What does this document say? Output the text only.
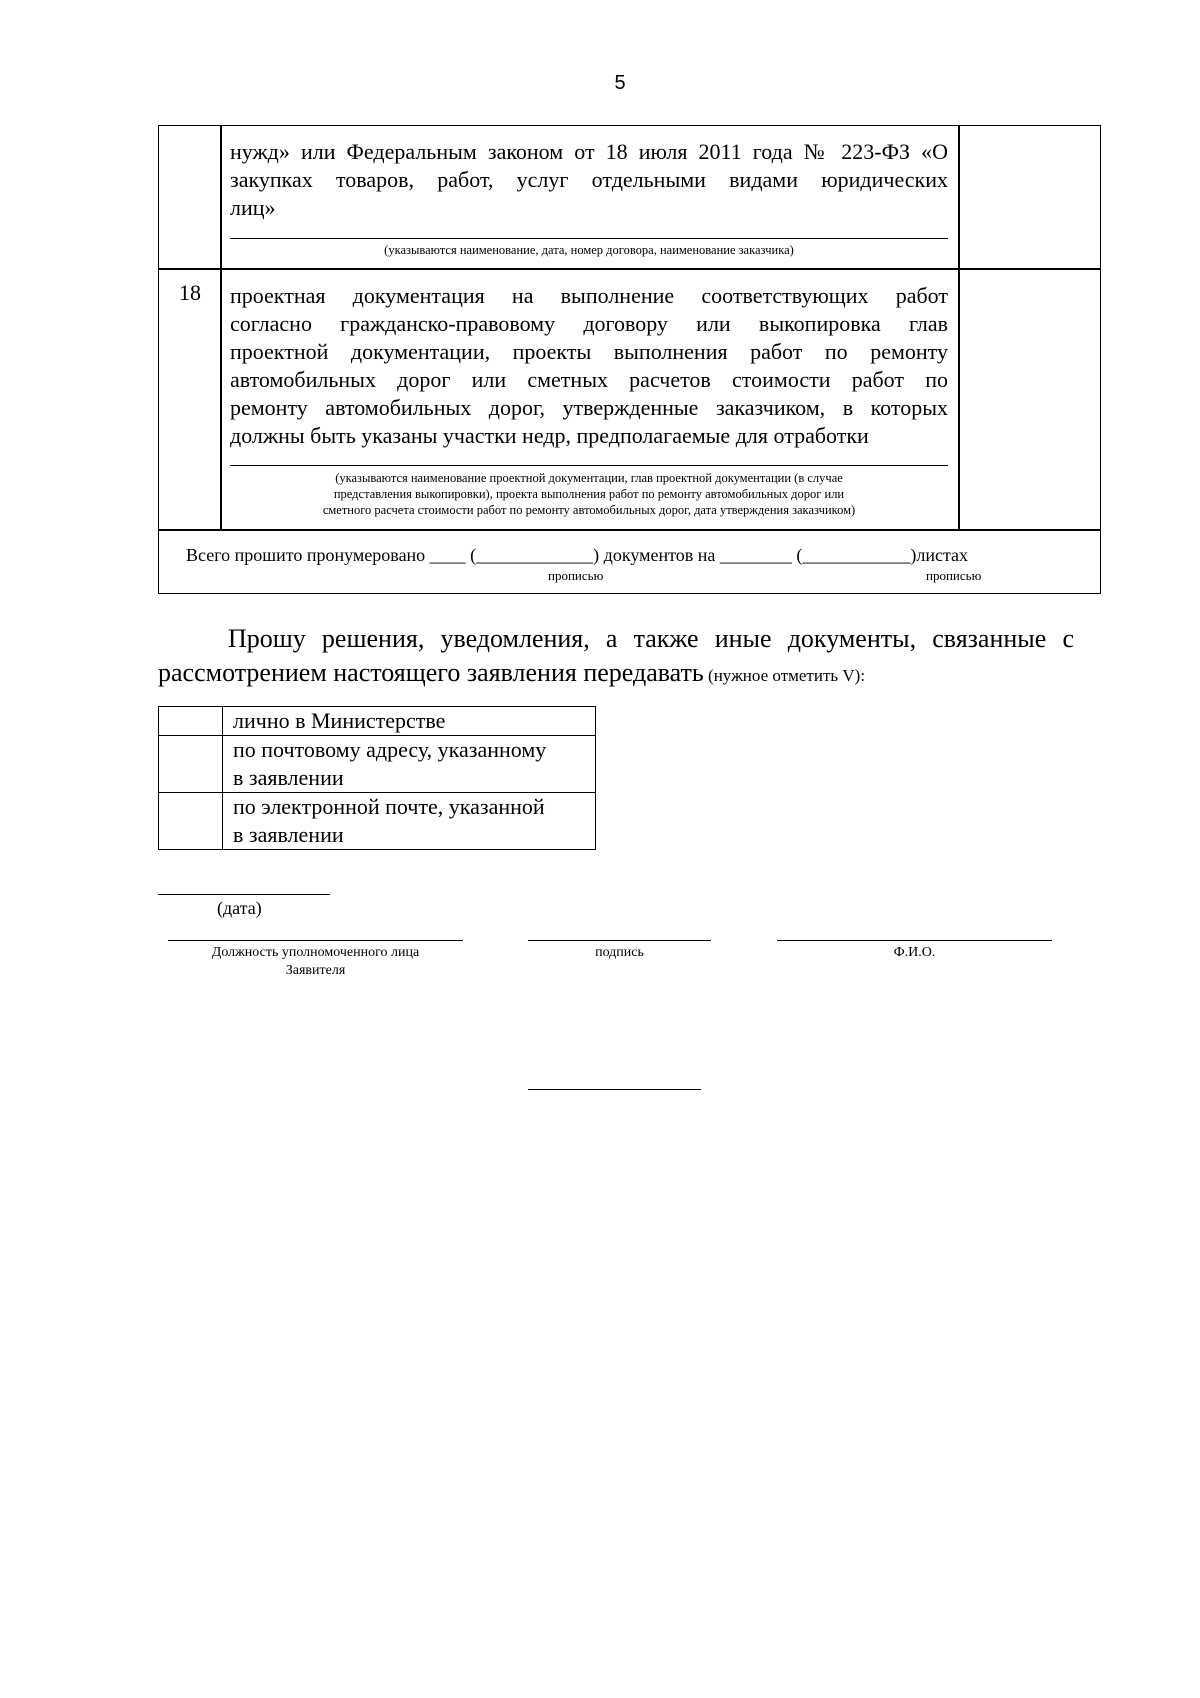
5
нужд» или Федеральным законом от 18 июля 2011 года № 223-ФЗ «О
закупках товаров, работ, услуг отдельными видами юридических
лиц»
(указываются наименование, дата, номер договора, наименование заказчика)
18 проектная документация на выполнение соответствующих работ
согласно гражданско-правовому договору или выкопировка глав
проектной документации, проекты выполнения работ по ремонту
автомобильных дорог или сметных расчетов стоимости работ по
ремонту автомобильных дорог, утвержденные заказчиком, в которых
должны быть указаны участки недр, предполагаемые для отработки
(указываются наименование проектной документации, глав проектной документации (в случае
представления выкопировки), проекта выполнения работ по ремонту автомобильных дорог или
сметного расчета стоимости работ по ремонту автомобильных дорог, дата утверждения заказчиком)
Всего прошито пронумеровано ____ (_____________) документов на ________ (____________)листах
прописью	прописью
Прошу решения, уведомления, а также иные документы, связанные с
рассмотрением настоящего заявления передавать (нужное отметить V):

	лично в Министерстве

	по почтовому адресу, указанному
в заявлении

	по электронной почте, указанной
в заявлении
(дата)
Должность уполномоченного лица
Заявителя
подпись	Ф.И.О.
